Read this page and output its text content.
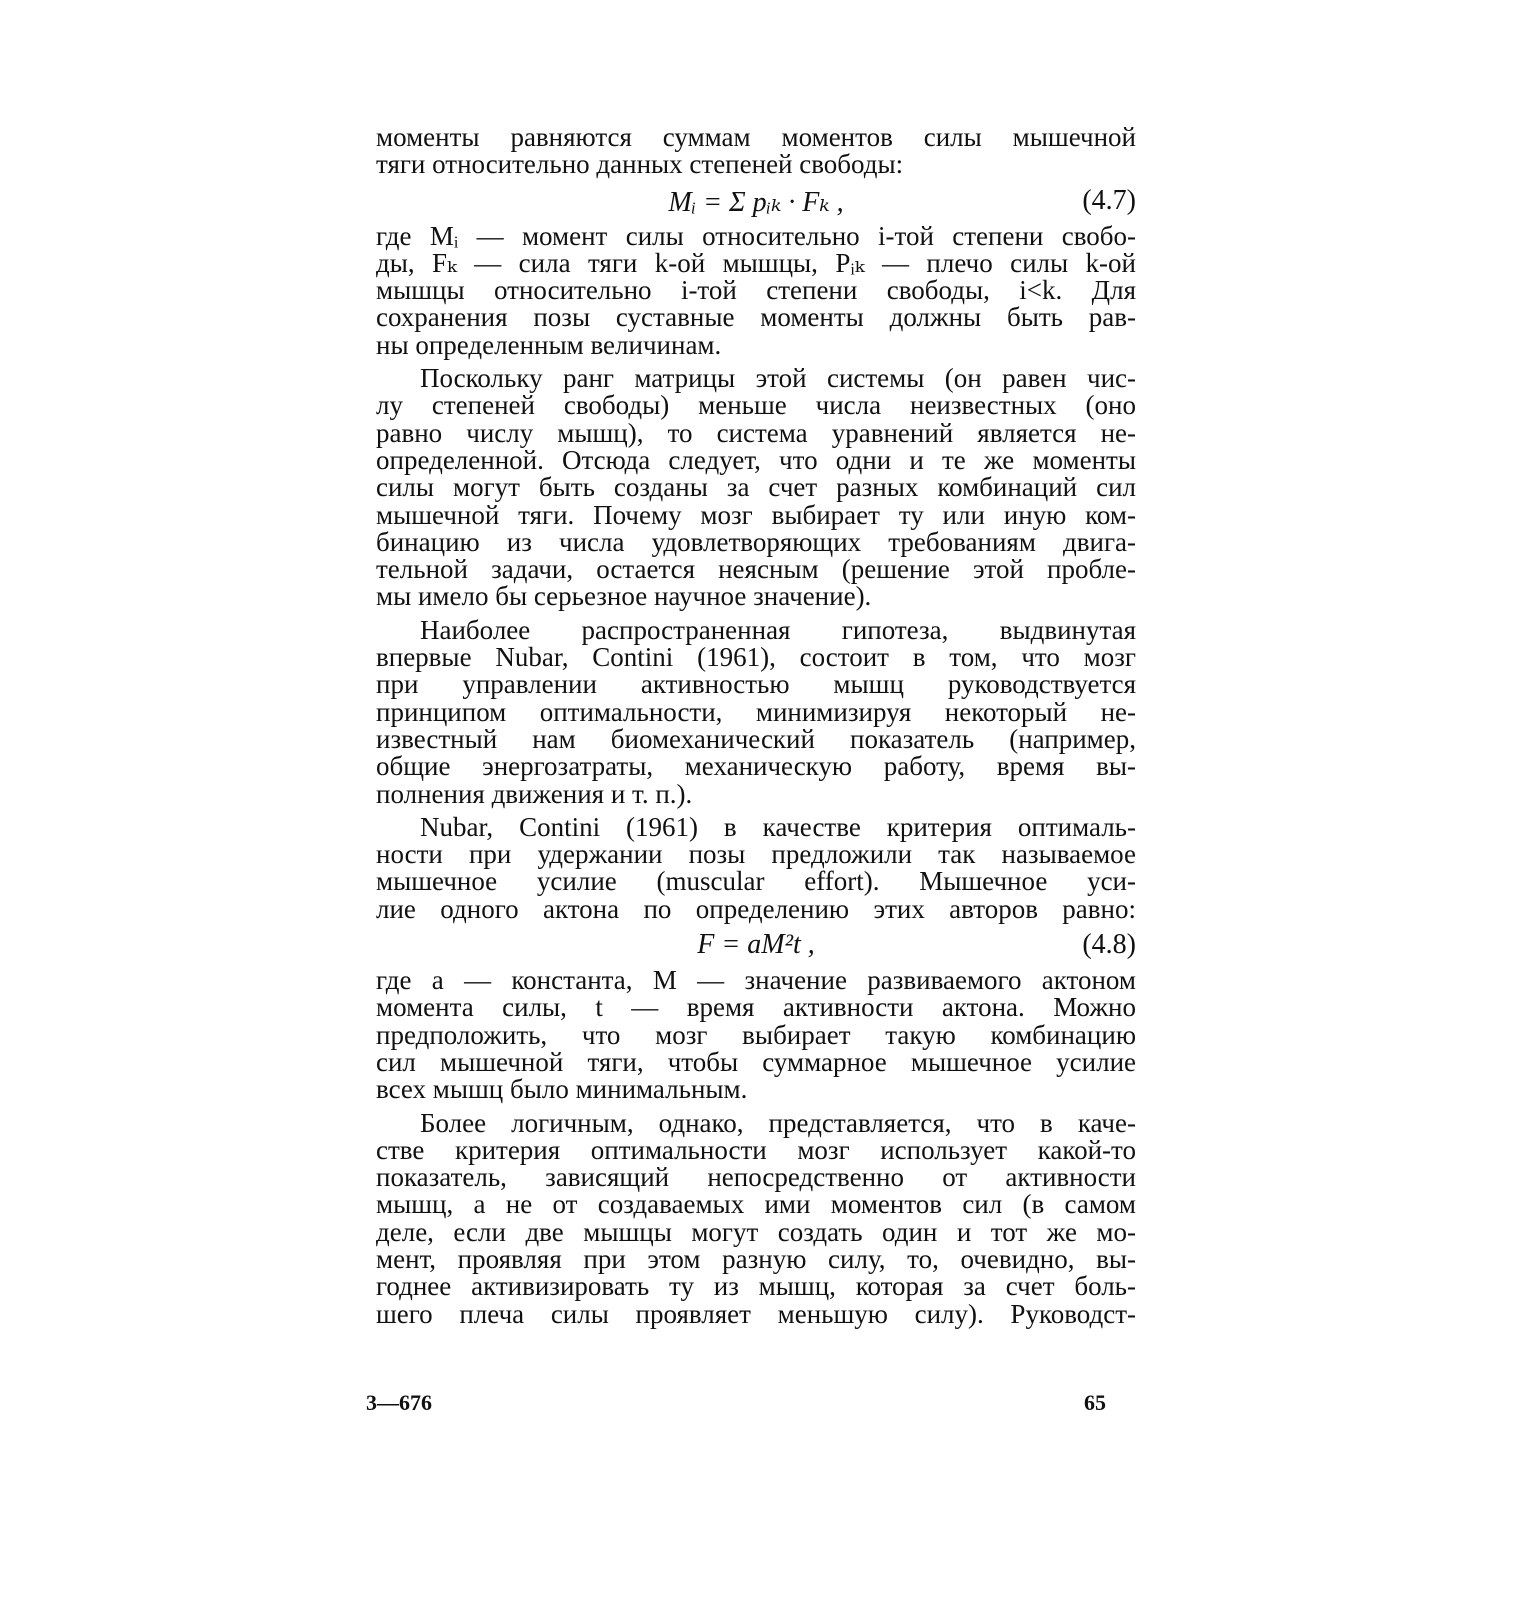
моменты равняются суммам моментов силы мышечной
тяги относительно данных степеней свободы:
Mᵢ = Σ pᵢₖ · Fₖ ,	(4.7)
где Mᵢ — момент силы относительно i-той степени свобо-
ды, Fₖ — сила тяги k-ой мышцы, Pᵢₖ — плечо силы k-ой
мышцы относительно i-той степени свободы, i<k. Для
сохранения позы суставные моменты должны быть рав-
ны определенным величинам.
Поскольку ранг матрицы этой системы (он равен чис-
лу степеней свободы) меньше числа неизвестных (оно
равно числу мышц), то система уравнений является не-
определенной. Отсюда следует, что одни и те же моменты
силы могут быть созданы за счет разных комбинаций сил
мышечной тяги. Почему мозг выбирает ту или иную ком-
бинацию из числа удовлетворяющих требованиям двига-
тельной задачи, остается неясным (решение этой пробле-
мы имело бы серьезное научное значение).
Наиболее распространенная гипотеза, выдвинутая
впервые Nubar, Contini (1961), состоит в том, что мозг
при управлении активностью мышц руководствуется
принципом оптимальности, минимизируя некоторый не-
известный нам биомеханический показатель (например,
общие энергозатраты, механическую работу, время вы-
полнения движения и т. п.).
Nubar, Contini (1961) в качестве критерия оптималь-
ности при удержании позы предложили так называемое
мышечное усилие (muscular effort). Мышечное уси-
лие одного актона по определению этих авторов равно:
F = aM²t ,	(4.8)
где a — константа, M — значение развиваемого актоном
момента силы, t — время активности актона. Можно
предположить, что мозг выбирает такую комбинацию
сил мышечной тяги, чтобы суммарное мышечное усилие
всех мышц было минимальным.
Более логичным, однако, представляется, что в каче-
стве критерия оптимальности мозг использует какой-то
показатель, зависящий непосредственно от активности
мышц, а не от создаваемых ими моментов сил (в самом
деле, если две мышцы могут создать один и тот же мо-
мент, проявляя при этом разную силу, то, очевидно, вы-
годнее активизировать ту из мышц, которая за счет боль-
шего плеча силы проявляет меньшую силу). Руководст-
3—676	65
